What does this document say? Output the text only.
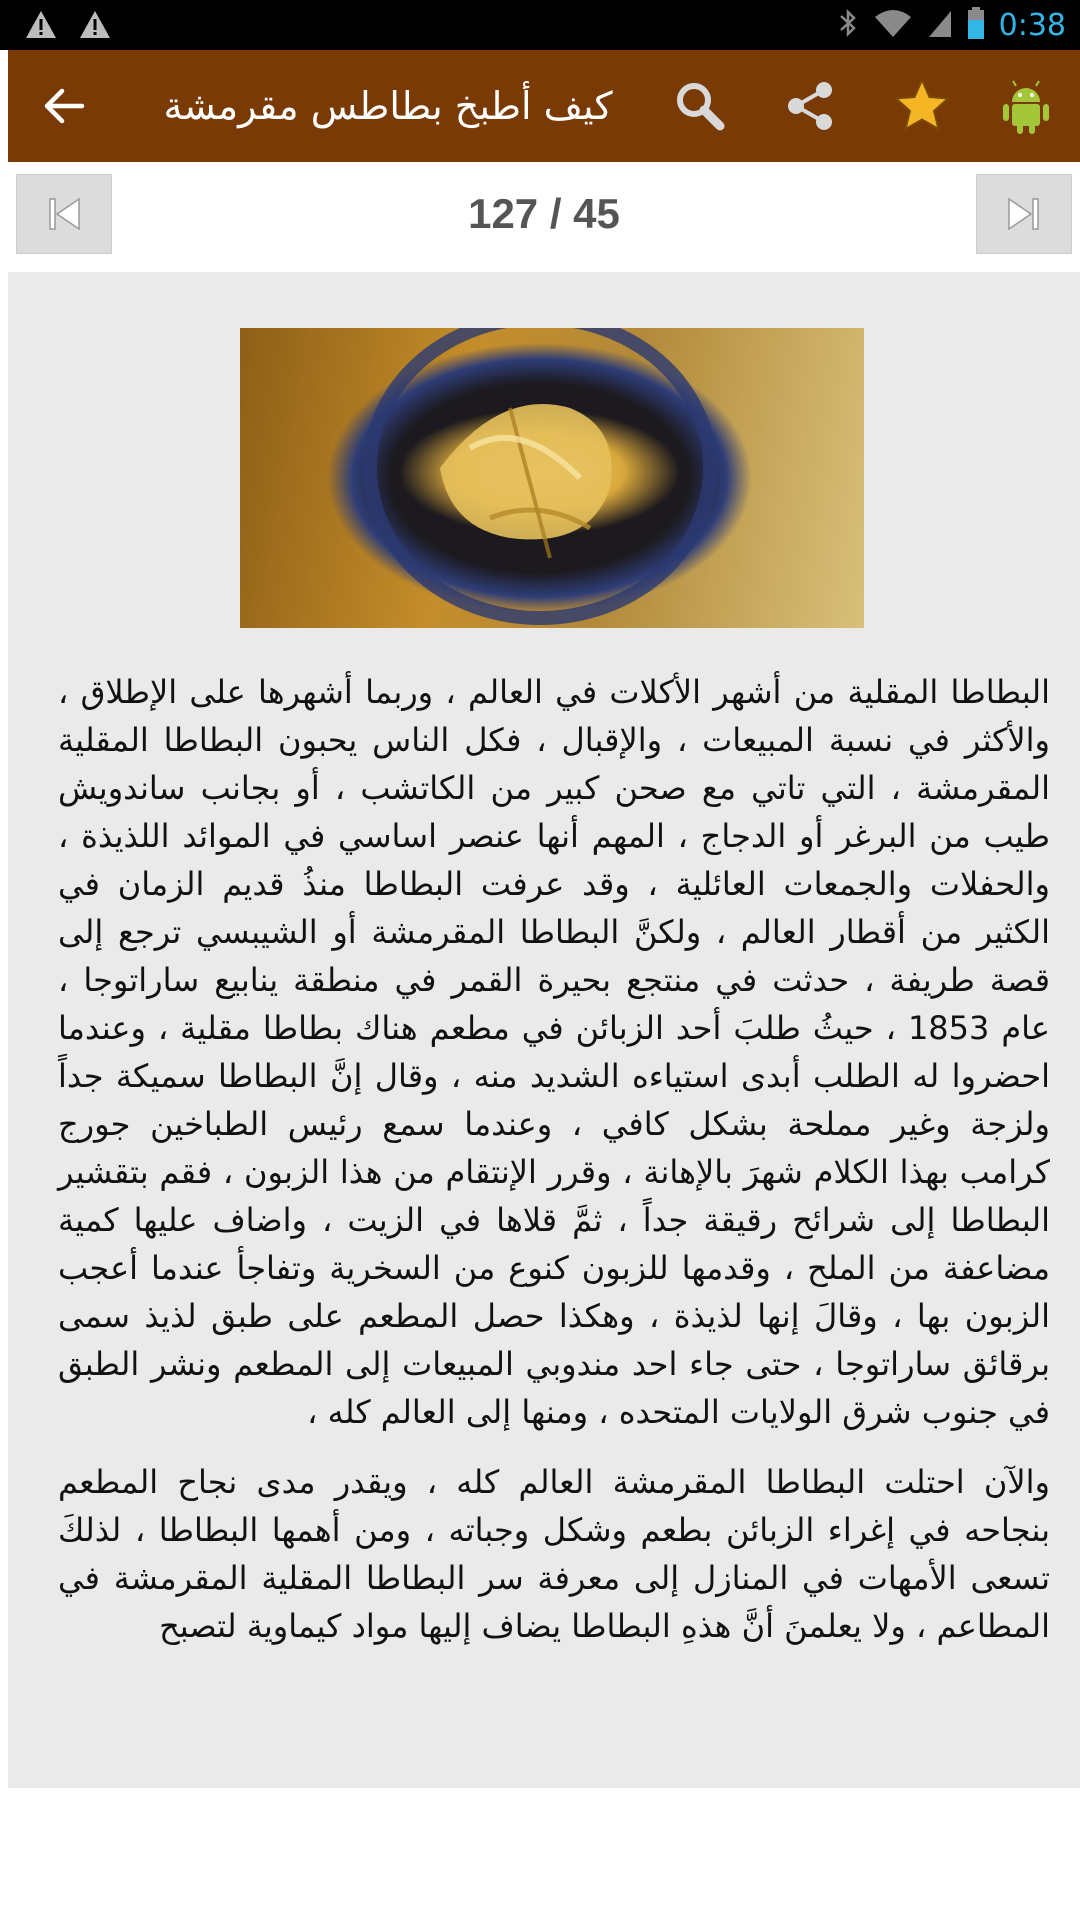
0:38
كيف أطبخ بطاطس مقرمشة
127 / 45

البطاطا المقلية من أشهر الأكلات في العالم ، وربما أشهرها على الإطلاق ، والأكثر في نسبة المبيعات ، والإقبال ، فكل الناس يحبون البطاطا المقلية المقرمشة ، التي تاتي مع صحن كبير من الكاتشب ، أو بجانب ساندويش طيب من البرغر أو الدجاج ، المهم أنها عنصر اساسي في الموائد اللذيذة ، والحفلات والجمعات العائلية ، وقد عرفت البطاطا منذُ قديم الزمان في الكثير من أقطار العالم ، ولكنَّ البطاطا المقرمشة أو الشيبسي ترجع إلى قصة طريفة ، حدثت في منتجع بحيرة القمر في منطقة ينابيع ساراتوجا ، عام 1853 ، حيثُ طلبَ أحد الزبائن في مطعم هناك بطاطا مقلية ، وعندما احضروا له الطلب أبدى استياءه الشديد منه ، وقال إنَّ البطاطا سميكة جداً ولزجة وغير مملحة بشكل كافي ، وعندما سمع رئيس الطباخين جورج كرامب بهذا الكلام شهرَ بالإهانة ، وقرر الإنتقام من هذا الزبون ، فقم بتقشير البطاطا إلى شرائح رقيقة جداً ، ثمَّ قلاها في الزيت ، واضاف عليها كمية مضاعفة من الملح ، وقدمها للزبون كنوع من السخرية وتفاجأ عندما أعجب الزبون بها ، وقالَ إنها لذيذة ، وهكذا حصل المطعم على طبق لذيذ سمى برقائق ساراتوجا ، حتى جاء احد مندوبي المبيعات إلى المطعم ونشر الطبق في جنوب شرق الولايات المتحده ، ومنها إلى العالم كله ،

والآن احتلت البطاطا المقرمشة العالم كله ، ويقدر مدى نجاح المطعم بنجاحه في إغراء الزبائن بطعم وشكل وجباته ، ومن أهمها البطاطا ، لذلكَ تسعى الأمهات في المنازل إلى معرفة سر البطاطا المقلية المقرمشة في المطاعم ، ولا يعلمنَ أنَّ هذهِ البطاطا يضاف إليها مواد كيماوية لتصبح
